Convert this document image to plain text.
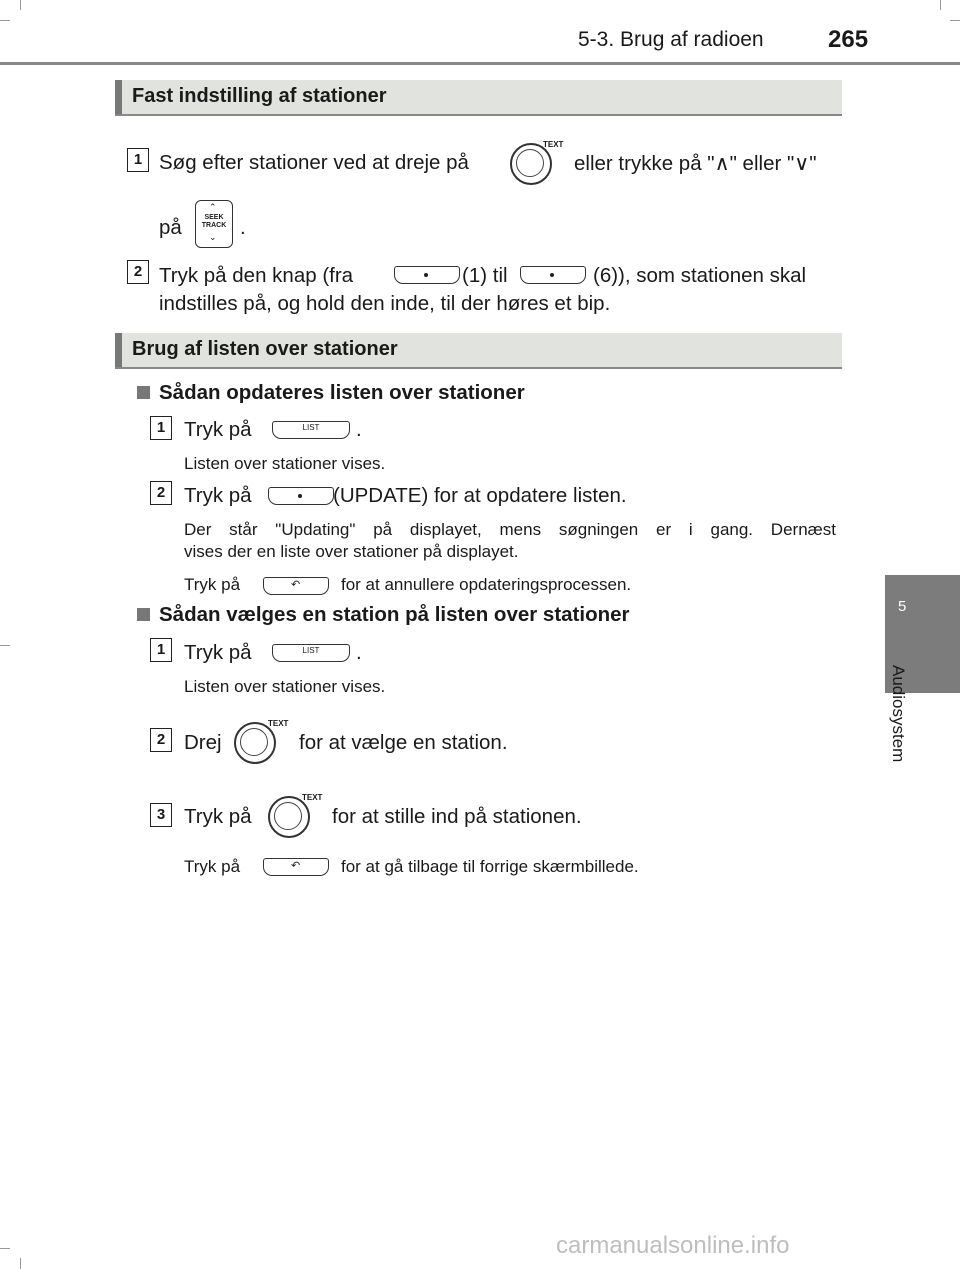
5-3. Brug af radioen	265
5
Audiosystem
Fast indstilling af stationer
1 Søg efter stationer ved at dreje på
TEXT
eller trykke på "∧" eller "∨"
på
⌃
SEEK
TRACK
⌄ .
2 Tryk på den knap (fra	(1) til	(6)), som stationen skal
indstilles på, og hold den inde, til der høres et bip.
Brug af listen over stationer
Sådan opdateres listen over stationer
1 Tryk på	LIST	.
Listen over stationer vises.
2 Tryk på	(UPDATE) for at opdatere listen.
Der står "Updating" på displayet, mens søgningen er i gang. Dernæst
vises der en liste over stationer på displayet.
Tryk på	↶ for at annullere opdateringsprocessen.
Sådan vælges en station på listen over stationer
1 Tryk på	LIST	.
Listen over stationer vises.
2 Drej
TEXT
for at vælge en station.
3 Tryk på
TEXT
for at stille ind på stationen.
Tryk på	↶ for at gå tilbage til forrige skærmbillede.
carmanualsonline.info
